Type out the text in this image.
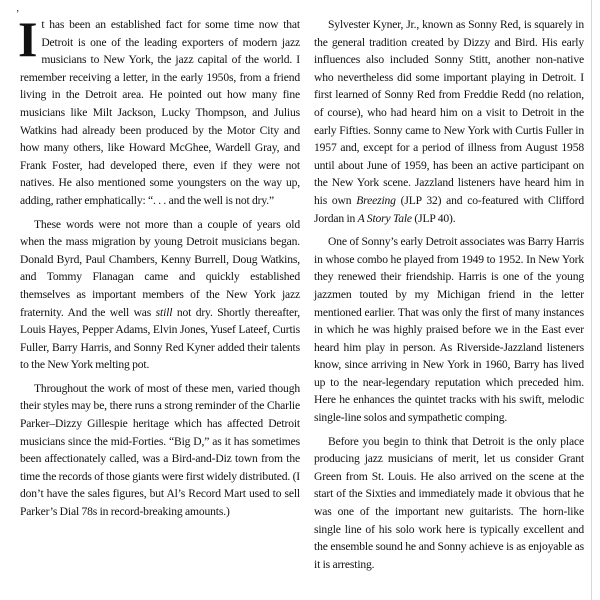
‚

It has been an established fact for some time now that Detroit is one of the leading exporters of modern jazz musicians to New York, the jazz capital of the world. I remember receiving a letter, in the early 1950s, from a friend living in the Detroit area. He pointed out how many fine musicians like Milt Jackson, Lucky Thompson, and Julius Watkins had already been produced by the Motor City and how many others, like Howard McGhee, Wardell Gray, and Frank Foster, had developed there, even if they were not natives. He also mentioned some youngsters on the way up, adding, rather emphatically: “. . . and the well is not dry.”

These words were not more than a couple of years old when the mass migration by young Detroit musicians began. Donald Byrd, Paul Chambers, Kenny Burrell, Doug Watkins, and Tommy Flanagan came and quickly established themselves as important members of the New York jazz fraternity. And the well was still not dry. Shortly thereafter, Louis Hayes, Pepper Adams, Elvin Jones, Yusef Lateef, Curtis Fuller, Barry Harris, and Sonny Red Kyner added their talents to the New York melting pot.

Throughout the work of most of these men, varied though their styles may be, there runs a strong reminder of the Charlie Parker–Dizzy Gillespie heritage which has affected Detroit musicians since the mid-Forties. “Big D,” as it has sometimes been affectionately called, was a Bird-and-Diz town from the time the records of those giants were first widely distributed. (I don’t have the sales figures, but Al’s Record Mart used to sell Parker’s Dial 78s in record-breaking amounts.)

Sylvester Kyner, Jr., known as Sonny Red, is squarely in the general tradition created by Dizzy and Bird. His early influences also included Sonny Stitt, another non-native who nevertheless did some important playing in Detroit. I first learned of Sonny Red from Freddie Redd (no relation, of course), who had heard him on a visit to Detroit in the early Fifties. Sonny came to New York with Curtis Fuller in 1957 and, except for a period of illness from August 1958 until about June of 1959, has been an active participant on the New York scene. Jazzland listeners have heard him in his own Breezing (JLP 32) and co-featured with Clifford Jordan in A Story Tale (JLP 40).

One of Sonny’s early Detroit associates was Barry Harris in whose combo he played from 1949 to 1952. In New York they renewed their friendship. Harris is one of the young jazzmen touted by my Michigan friend in the letter mentioned earlier. That was only the first of many instances in which he was highly praised before we in the East ever heard him play in person. As Riverside-Jazzland listeners know, since arriving in New York in 1960, Barry has lived up to the near-legendary reputation which preceded him. Here he enhances the quintet tracks with his swift, melodic single-line solos and sympathetic comping.

Before you begin to think that Detroit is the only place producing jazz musicians of merit, let us consider Grant Green from St. Louis. He also arrived on the scene at the start of the Sixties and immediately made it obvious that he was one of the important new guitarists. The horn-like single line of his solo work here is typically excellent and the ensemble sound he and Sonny achieve is as enjoyable as it is arresting.
